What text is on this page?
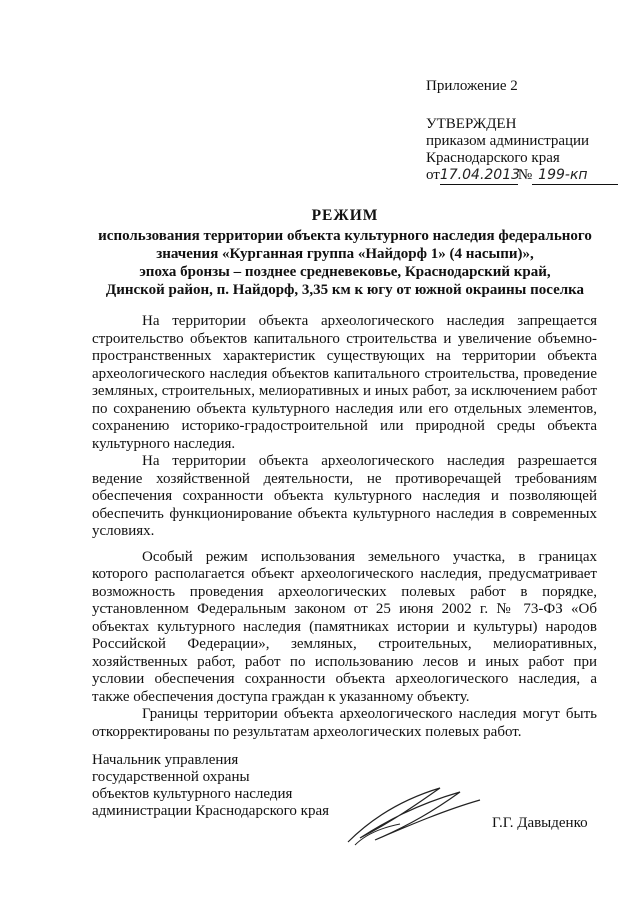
Приложение 2
УТВЕРЖДЕН
приказом администрации
Краснодарского края
от17.04.2013№ 199-кп
РЕЖИМ
использования территории объекта культурного наследия федерального
значения «Курганная группа «Найдорф 1» (4 насыпи)»,
эпоха бронзы – позднее средневековье, Краснодарский край,
Динской район, п. Найдорф, 3,35 км к югу от южной окраины поселка

На территории объекта археологического наследия запрещается строительство объектов капитального строительства и увеличение объемно-пространственных характеристик существующих на территории объекта археологического наследия объектов капитального строительства, проведение земляных, строительных, мелиоративных и иных работ, за исключением работ по сохранению объекта культурного наследия или его отдельных элементов, сохранению историко-градостроительной или природной среды объекта культурного наследия.

На территории объекта археологического наследия разрешается ведение хозяйственной деятельности, не противоречащей требованиям обеспечения сохранности объекта культурного наследия и позволяющей обеспечить функционирование объекта культурного наследия в современных условиях.

Особый режим использования земельного участка, в границах которого располагается объект археологического наследия, предусматривает возможность проведения археологических полевых работ в порядке, установленном Федеральным законом от 25 июня 2002 г. № 73-ФЗ «Об объектах культурного наследия (памятниках истории и культуры) народов Российской Федерации», земляных, строительных, мелиоративных, хозяйственных работ, работ по использованию лесов и иных работ при условии обеспечения сохранности объекта археологического наследия, а также обеспечения доступа граждан к указанному объекту.

Границы территории объекта археологического наследия могут быть откорректированы по результатам археологических полевых работ.

Начальник управления
государственной охраны
объектов культурного наследия
администрации Краснодарского края
Г.Г. Давыденко
